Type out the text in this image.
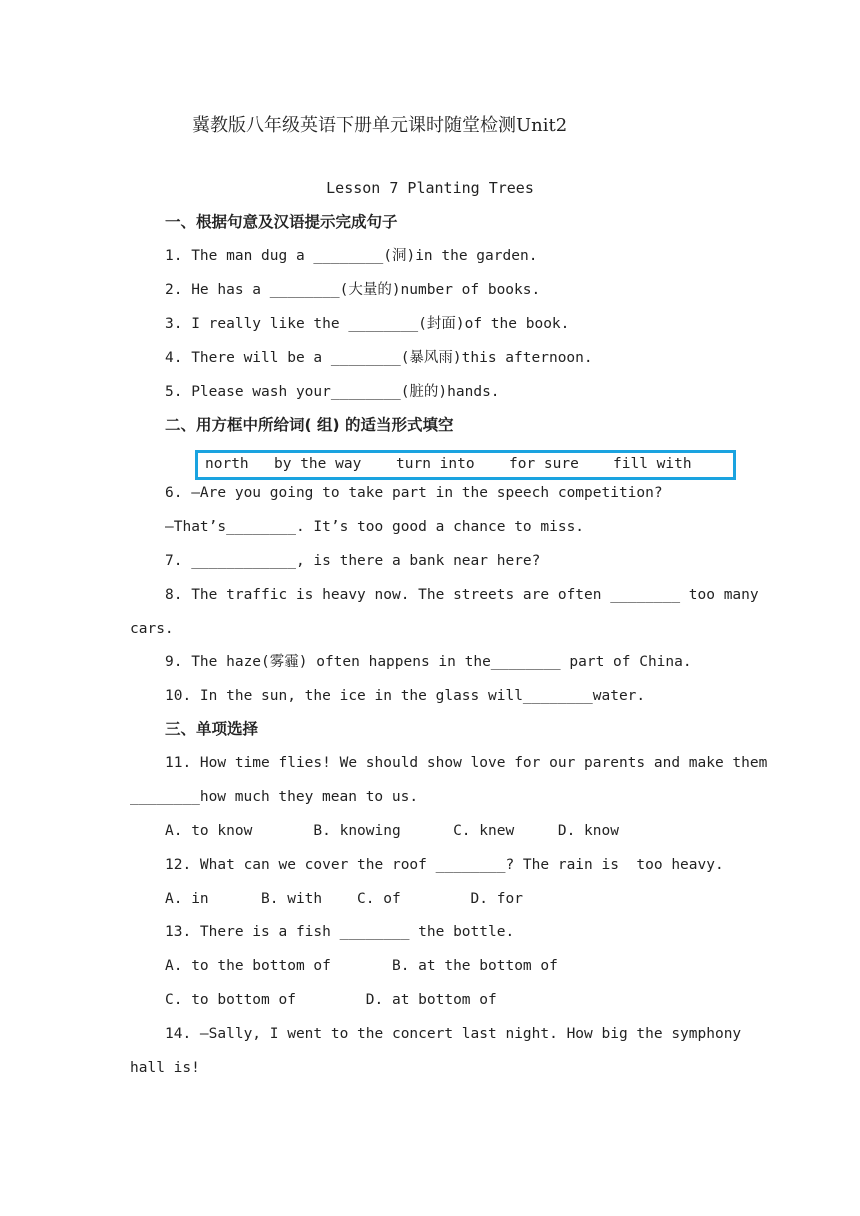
冀教版八年级英语下册单元课时随堂检测Unit2
Lesson 7 Planting Trees
一、根据句意及汉语提示完成句子
1. The man dug a ________(洞)in the garden.
2. He has a ________(大量的)number of books.
3. I really like the ________(封面)of the book.
4. There will be a ________(暴风雨)this afternoon.
5. Please wash your________(脏的)hands.
二、用方框中所给词( 组) 的适当形式填空
north by the way turn into for sure fill with
6. —Are you going to take part in the speech competition?
—That’s________. It’s too good a chance to miss.
7. ____________, is there a bank near here?
8. The traffic is heavy now. The streets are often ________ too many
cars.
9. The haze(雾霾) often happens in the________ part of China.
10. In the sun, the ice in the glass will________water.
三、单项选择
11. How time flies! We should show love for our parents and make them
________how much they mean to us.
A. to know       B. knowing      C. knew     D. know
12. What can we cover the roof ________? The rain is  too heavy.
A. in      B. with    C. of        D. for
13. There is a fish ________ the bottle.
A. to the bottom of       B. at the bottom of
C. to bottom of        D. at bottom of
14. —Sally, I went to the concert last night. How big the symphony
hall is!
